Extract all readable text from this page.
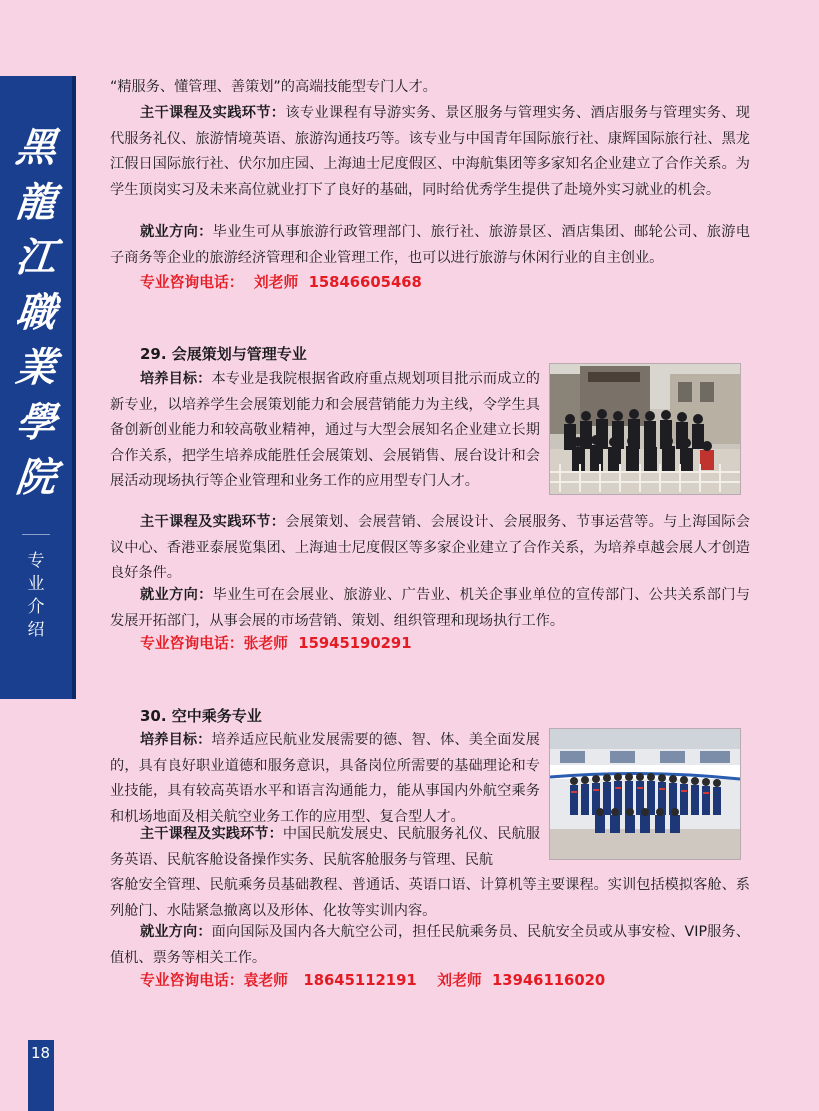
黑
龍
江
職
業
學
院
专
业
介
绍
18

“精服务、懂管理、善策划”的高端技能型专门人才。

主干课程及实践环节：该专业课程有导游实务、景区服务与管理实务、酒店服务与管理实务、现代服务礼仪、旅游情境英语、旅游沟通技巧等。该专业与中国青年国际旅行社、康辉国际旅行社、黑龙江假日国际旅行社、伏尔加庄园、上海迪士尼度假区、中海航集团等多家知名企业建立了合作关系。为学生顶岗实习及未来高位就业打下了良好的基础，同时给优秀学生提供了赴境外实习就业的机会。

就业方向：毕业生可从事旅游行政管理部门、旅行社、旅游景区、酒店集团、邮轮公司、旅游电子商务等企业的旅游经济管理和企业管理工作，也可以进行旅游与休闲行业的自主创业。

专业咨询电话：  刘老师  15846605468
29. 会展策划与管理专业

培养目标：本专业是我院根据省政府重点规划项目批示而成立的新专业，以培养学生会展策划能力和会展营销能力为主线，令学生具备创新创业能力和较高敬业精神，通过与大型会展知名企业建立长期合作关系，把学生培养成能胜任会展策划、会展销售、展台设计和会展活动现场执行等企业管理和业务工作的应用型专门人才。

主干课程及实践环节：会展策划、会展营销、会展设计、会展服务、节事运营等。与上海国际会议中心、香港亚泰展览集团、上海迪士尼度假区等多家企业建立了合作关系，为培养卓越会展人才创造良好条件。

就业方向：毕业生可在会展业、旅游业、广告业、机关企事业单位的宣传部门、公共关系部门与发展开拓部门，从事会展的市场营销、策划、组织管理和现场执行工作。

专业咨询电话：张老师  15945190291
30. 空中乘务专业

培养目标：培养适应民航业发展需要的德、智、体、美全面发展的，具有良好职业道德和服务意识，具备岗位所需要的基础理论和专业技能，具有较高英语水平和语言沟通能力，能从事国内外航空乘务和机场地面及相关航空业务工作的应用型、复合型人才。

主干课程及实践环节：中国民航发展史、民航服务礼仪、民航服务英语、民航客舱设备操作实务、民航客舱服务与管理、民航

客舱安全管理、民航乘务员基础教程、普通话、英语口语、计算机等主要课程。实训包括模拟客舱、系列舱门、水陆紧急撤离以及形体、化妆等实训内容。

就业方向：面向国际及国内各大航空公司，担任民航乘务员、民航安全员或从事安检、VIP服务、值机、票务等相关工作。

专业咨询电话：袁老师   18645112191    刘老师  13946116020
